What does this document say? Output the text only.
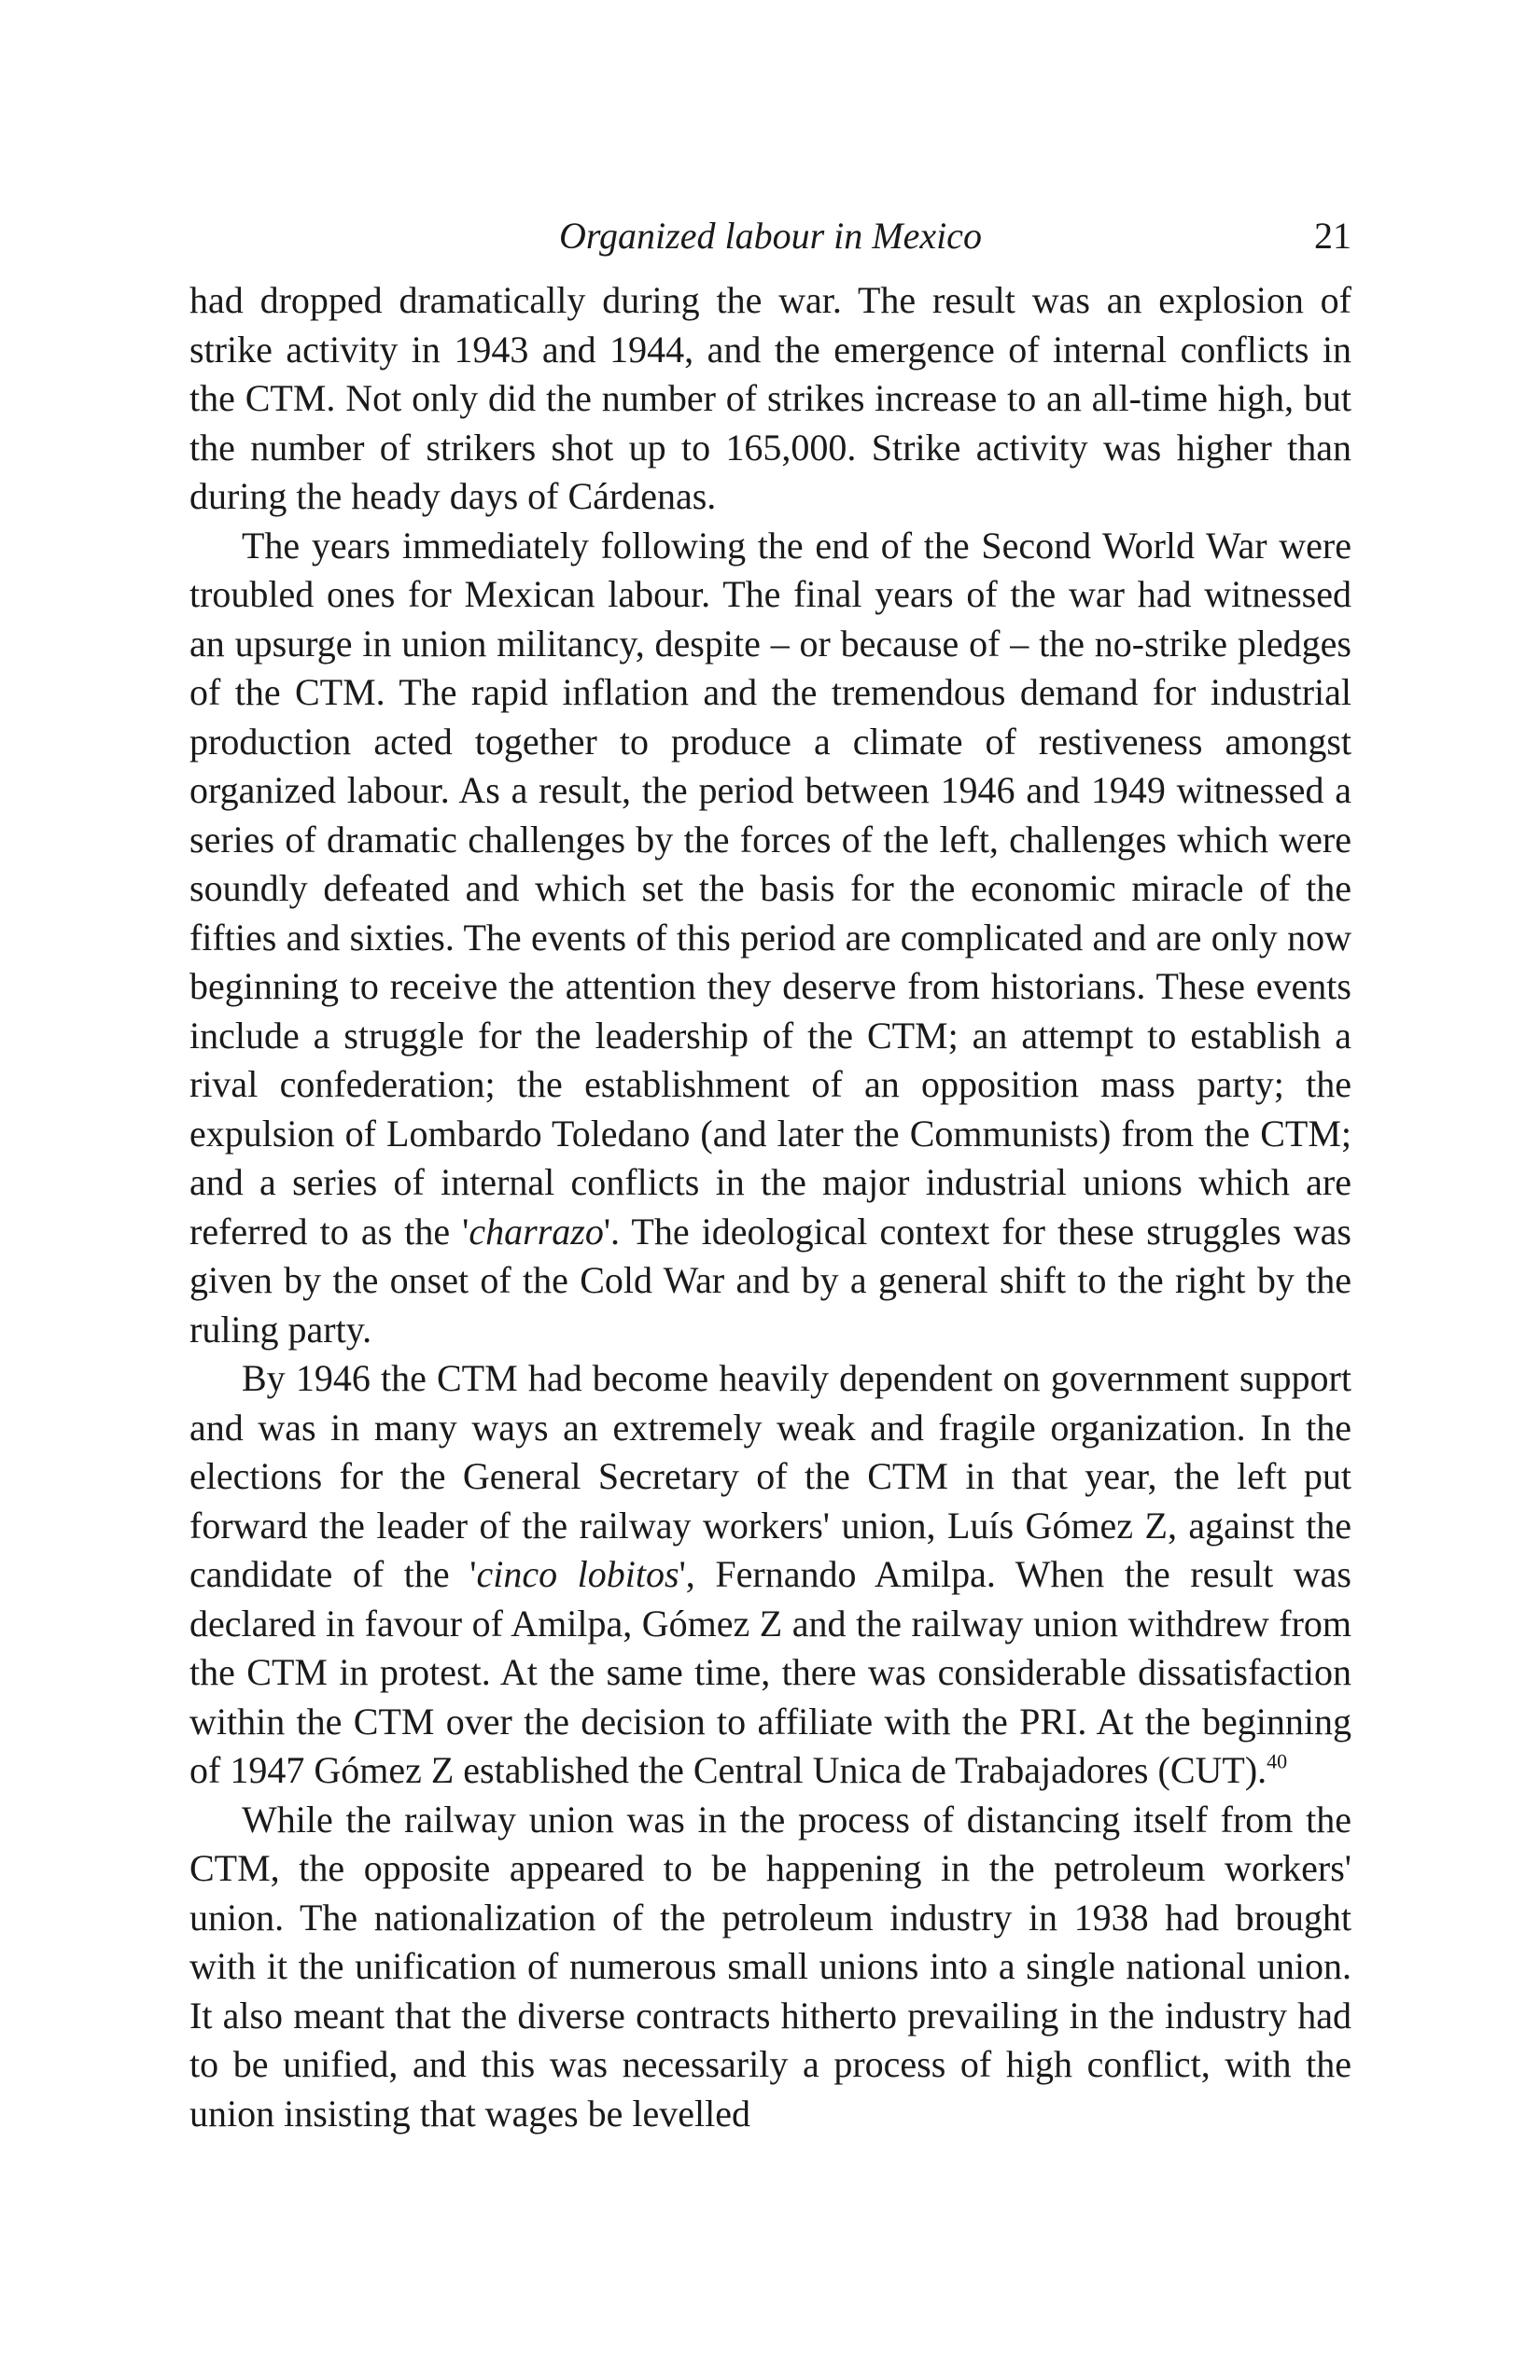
Organized labour in Mexico	21

had dropped dramatically during the war. The result was an explosion of strike activity in 1943 and 1944, and the emergence of internal conflicts in the CTM. Not only did the number of strikes increase to an all-time high, but the number of strikers shot up to 165,000. Strike activity was higher than during the heady days of Cárdenas.

The years immediately following the end of the Second World War were troubled ones for Mexican labour. The final years of the war had witnessed an upsurge in union militancy, despite – or because of – the no-strike pledges of the CTM. The rapid inflation and the tremendous demand for industrial production acted together to produce a climate of restiveness amongst organized labour. As a result, the period between 1946 and 1949 witnessed a series of dramatic challenges by the forces of the left, challenges which were soundly defeated and which set the basis for the economic miracle of the fifties and sixties. The events of this period are complicated and are only now beginning to receive the attention they deserve from historians. These events include a struggle for the leadership of the CTM; an attempt to establish a rival confederation; the establishment of an opposition mass party; the expulsion of Lombardo Toledano (and later the Communists) from the CTM; and a series of internal conflicts in the major industrial unions which are referred to as the 'charrazo'. The ideological context for these struggles was given by the onset of the Cold War and by a general shift to the right by the ruling party.

By 1946 the CTM had become heavily dependent on government support and was in many ways an extremely weak and fragile organization. In the elections for the General Secretary of the CTM in that year, the left put forward the leader of the railway workers' union, Luís Gómez Z, against the candidate of the 'cinco lobitos', Fernando Amilpa. When the result was declared in favour of Amilpa, Gómez Z and the railway union withdrew from the CTM in protest. At the same time, there was considerable dissatisfaction within the CTM over the decision to affiliate with the PRI. At the beginning of 1947 Gómez Z established the Central Unica de Trabajadores (CUT).$^{40}$

While the railway union was in the process of distancing itself from the CTM, the opposite appeared to be happening in the petroleum workers' union. The nationalization of the petroleum industry in 1938 had brought with it the unification of numerous small unions into a single national union. It also meant that the diverse contracts hitherto prevailing in the industry had to be unified, and this was necessarily a process of high conflict, with the union insisting that wages be levelled
